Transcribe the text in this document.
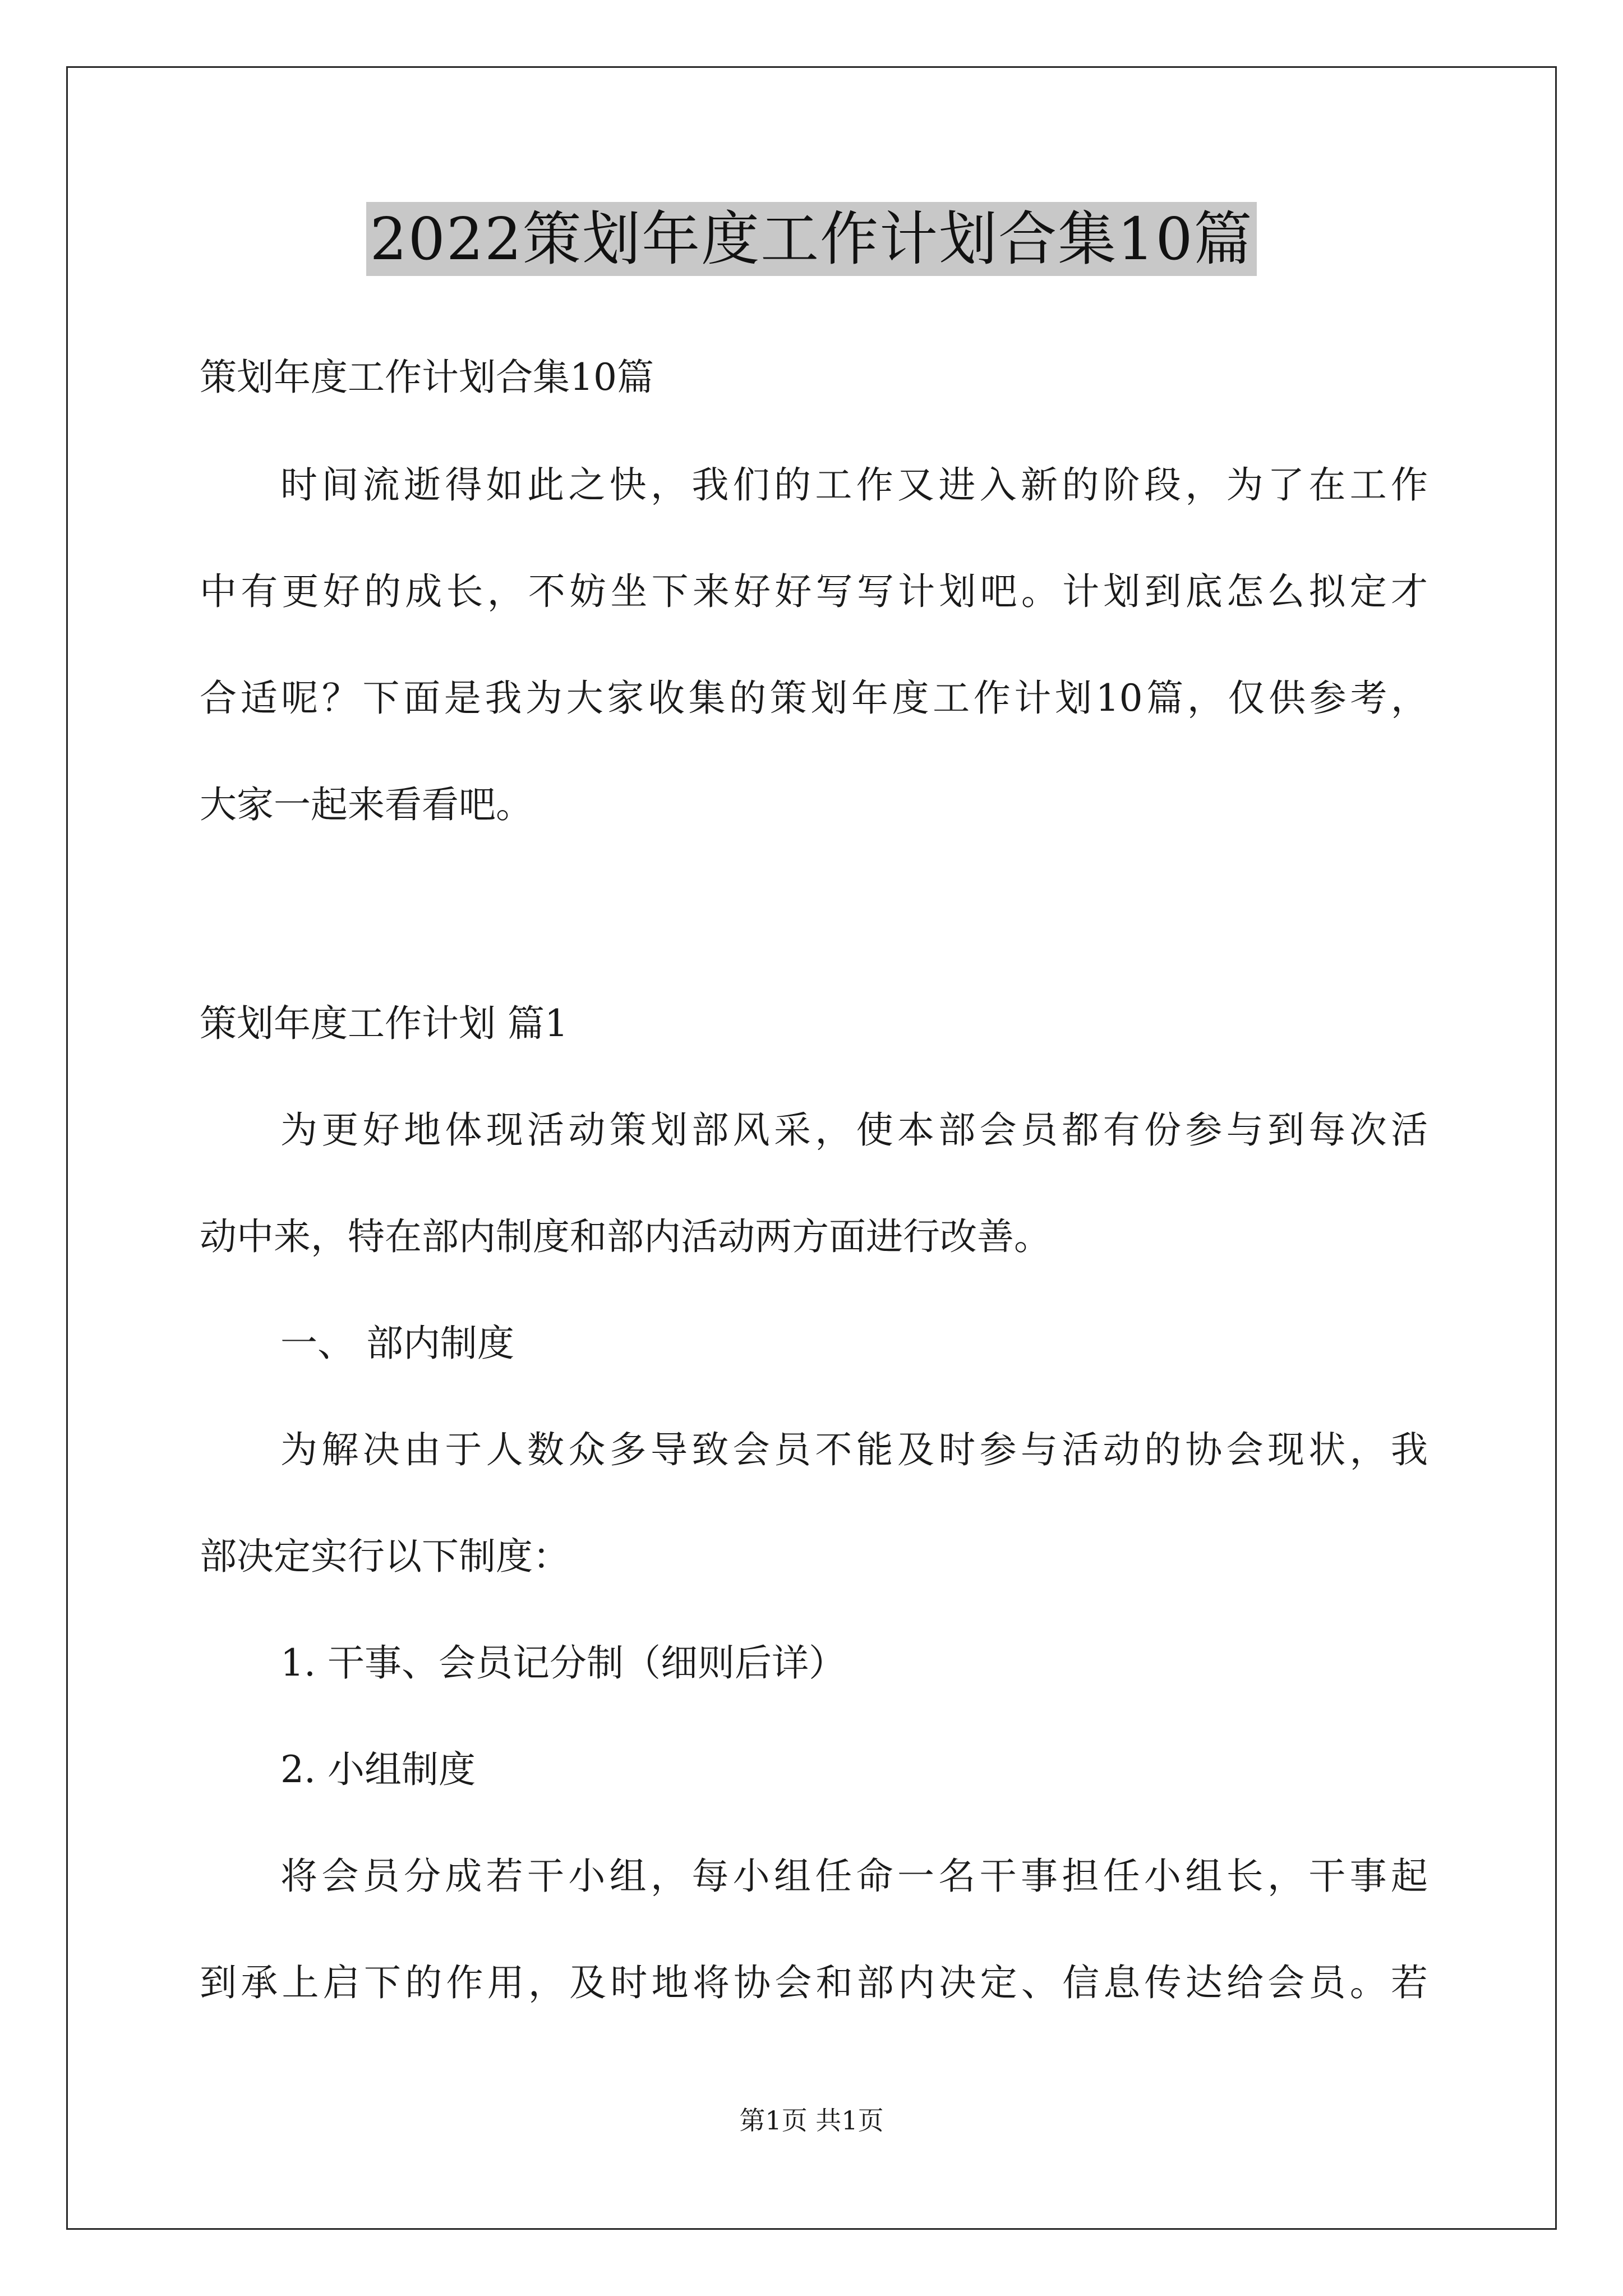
2022策划年度工作计划合集10篇
策划年度工作计划合集10篇
时间流逝得如此之快，我们的工作又进入新的阶段，为了在工作
中有更好的成长，不妨坐下来好好写写计划吧。计划到底怎么拟定才
合适呢？下面是我为大家收集的策划年度工作计划10篇，仅供参考，
大家一起来看看吧。
策划年度工作计划 篇1
为更好地体现活动策划部风采，使本部会员都有份参与到每次活
动中来，特在部内制度和部内活动两方面进行改善。
一、 部内制度
为解决由于人数众多导致会员不能及时参与活动的协会现状，我
部决定实行以下制度：
1. 干事、会员记分制（细则后详）
2. 小组制度
将会员分成若干小组，每小组任命一名干事担任小组长，干事起
到承上启下的作用，及时地将协会和部内决定、信息传达给会员。若
第1页 共1页
